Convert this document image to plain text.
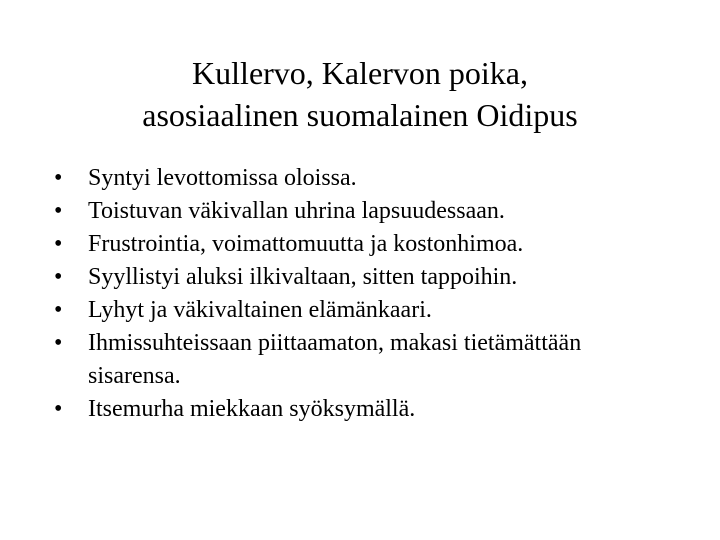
Kullervo, Kalervon poika,
asosiaalinen suomalainen Oidipus
•	Syntyi levottomissa oloissa.
•	Toistuvan väkivallan uhrina lapsuudessaan.
•	Frustrointia, voimattomuutta ja kostonhimoa.
•	Syyllistyi aluksi ilkivaltaan, sitten tappoihin.
•	Lyhyt ja väkivaltainen elämänkaari.
•	Ihmissuhteissaan piittaamaton, makasi tietämättään sisarensa.
•	Itsemurha miekkaan syöksymällä.
